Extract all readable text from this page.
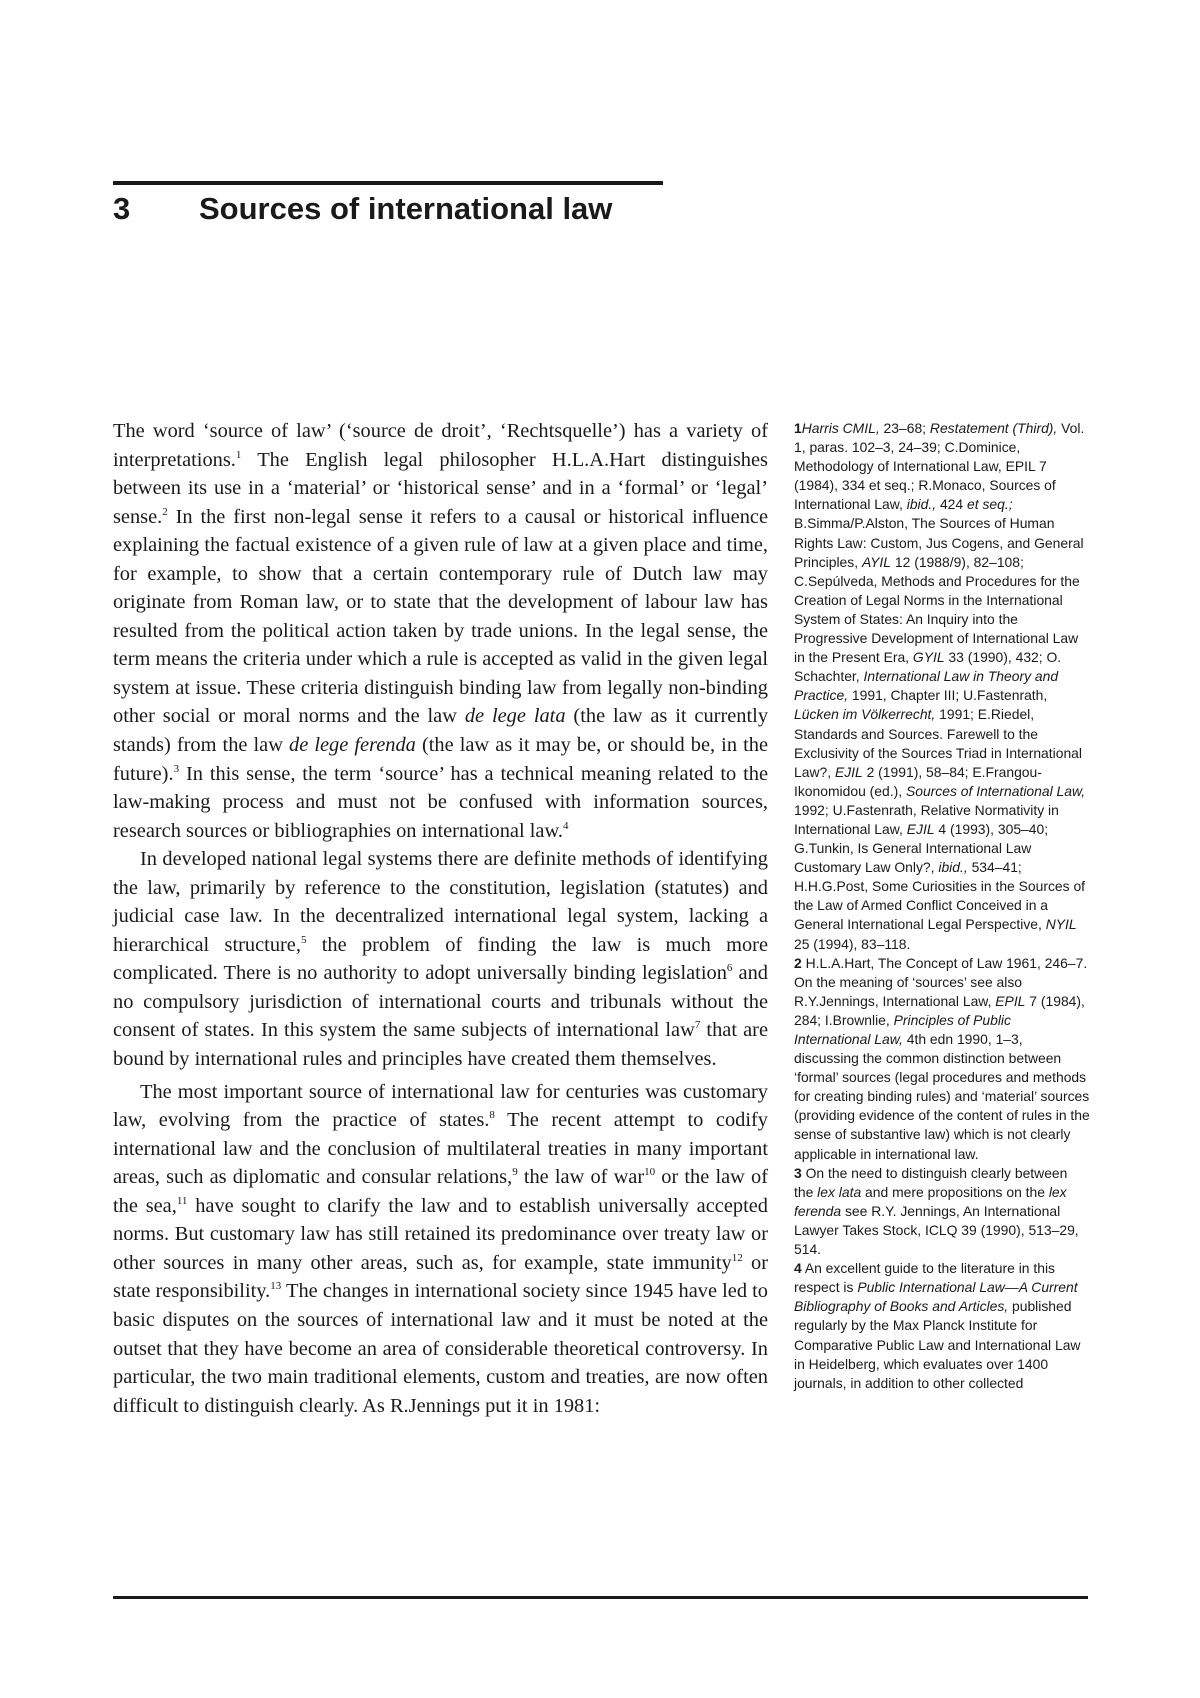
3 Sources of international law

The word ‘source of law’ (‘source de droit’, ‘Rechtsquelle’) has a variety of interpretations.$^1$ The English legal philosopher H.L.A.Hart distinguishes between its use in a ‘material’ or ‘historical sense’ and in a ‘formal’ or ‘legal’ sense.$^2$ In the first non-legal sense it refers to a causal or historical influence explaining the factual existence of a given rule of law at a given place and time, for example, to show that a certain contemporary rule of Dutch law may originate from Roman law, or to state that the development of labour law has resulted from the political action taken by trade unions. In the legal sense, the term means the criteria under which a rule is accepted as valid in the given legal system at issue. These criteria distinguish binding law from legally non-binding other social or moral norms and the law de lege lata (the law as it currently stands) from the law de lege ferenda (the law as it may be, or should be, in the future).$^3$ In this sense, the term ‘source’ has a technical meaning related to the law-making process and must not be confused with information sources, research sources or bibliographies on international law.$^4$

In developed national legal systems there are definite methods of identifying the law, primarily by reference to the constitution, legislation (statutes) and judicial case law. In the decentralized international legal system, lacking a hierarchical structure,$^5$ the problem of finding the law is much more complicated. There is no authority to adopt universally binding legislation$^6$ and no compulsory jurisdiction of international courts and tribunals without the consent of states. In this system the same subjects of international law$^7$ that are bound by international rules and principles have created them themselves.

The most important source of international law for centuries was customary law, evolving from the practice of states.$^8$ The recent attempt to codify international law and the conclusion of multilateral treaties in many important areas, such as diplomatic and consular relations,$^9$ the law of war$^{10}$ or the law of the sea,$^{11}$ have sought to clarify the law and to establish universally accepted norms. But customary law has still retained its predominance over treaty law or other sources in many other areas, such as, for example, state immunity$^{12}$ or state responsibility.$^{13}$ The changes in international society since 1945 have led to basic disputes on the sources of international law and it must be noted at the outset that they have become an area of considerable theoretical controversy. In particular, the two main traditional elements, custom and treaties, are now often difficult to distinguish clearly. As R.Jennings put it in 1981:

1Harris CMIL, 23–68; Restatement (Third), Vol. 1, paras. 102–3, 24–39; C.Dominice, Methodology of International Law, EPIL 7 (1984), 334 et seq.; R.Monaco, Sources of International Law, ibid., 424 et seq.; B.Simma/P.Alston, The Sources of Human Rights Law: Custom, Jus Cogens, and General Principles, AYIL 12 (1988/9), 82–108; C.Sepúlveda, Methods and Procedures for the Creation of Legal Norms in the International System of States: An Inquiry into the Progressive Development of International Law in the Present Era, GYIL 33 (1990), 432; O. Schachter, International Law in Theory and Practice, 1991, Chapter III; U.Fastenrath, Lücken im Völkerrecht, 1991; E.Riedel, Standards and Sources. Farewell to the Exclusivity of the Sources Triad in International Law?, EJIL 2 (1991), 58–84; E.Frangou-Ikonomidou (ed.), Sources of International Law, 1992; U.Fastenrath, Relative Normativity in International Law, EJIL 4 (1993), 305–40; G.Tunkin, Is General International Law Customary Law Only?, ibid., 534–41; H.H.G.Post, Some Curiosities in the Sources of the Law of Armed Conflict Conceived in a General International Legal Perspective, NYIL 25 (1994), 83–118.

2 H.L.A.Hart, The Concept of Law 1961, 246–7. On the meaning of ‘sources’ see also R.Y.Jennings, International Law, EPIL 7 (1984), 284; I.Brownlie, Principles of Public International Law, 4th edn 1990, 1–3, discussing the common distinction between ‘formal’ sources (legal procedures and methods for creating binding rules) and ‘material’ sources (providing evidence of the content of rules in the sense of substantive law) which is not clearly applicable in international law.

3 On the need to distinguish clearly between the lex lata and mere propositions on the lex ferenda see R.Y. Jennings, An International Lawyer Takes Stock, ICLQ 39 (1990), 513–29, 514.

4 An excellent guide to the literature in this respect is Public International Law—A Current Bibliography of Books and Articles, published regularly by the Max Planck Institute for Comparative Public Law and International Law in Heidelberg, which evaluates over 1400 journals, in addition to other collected
